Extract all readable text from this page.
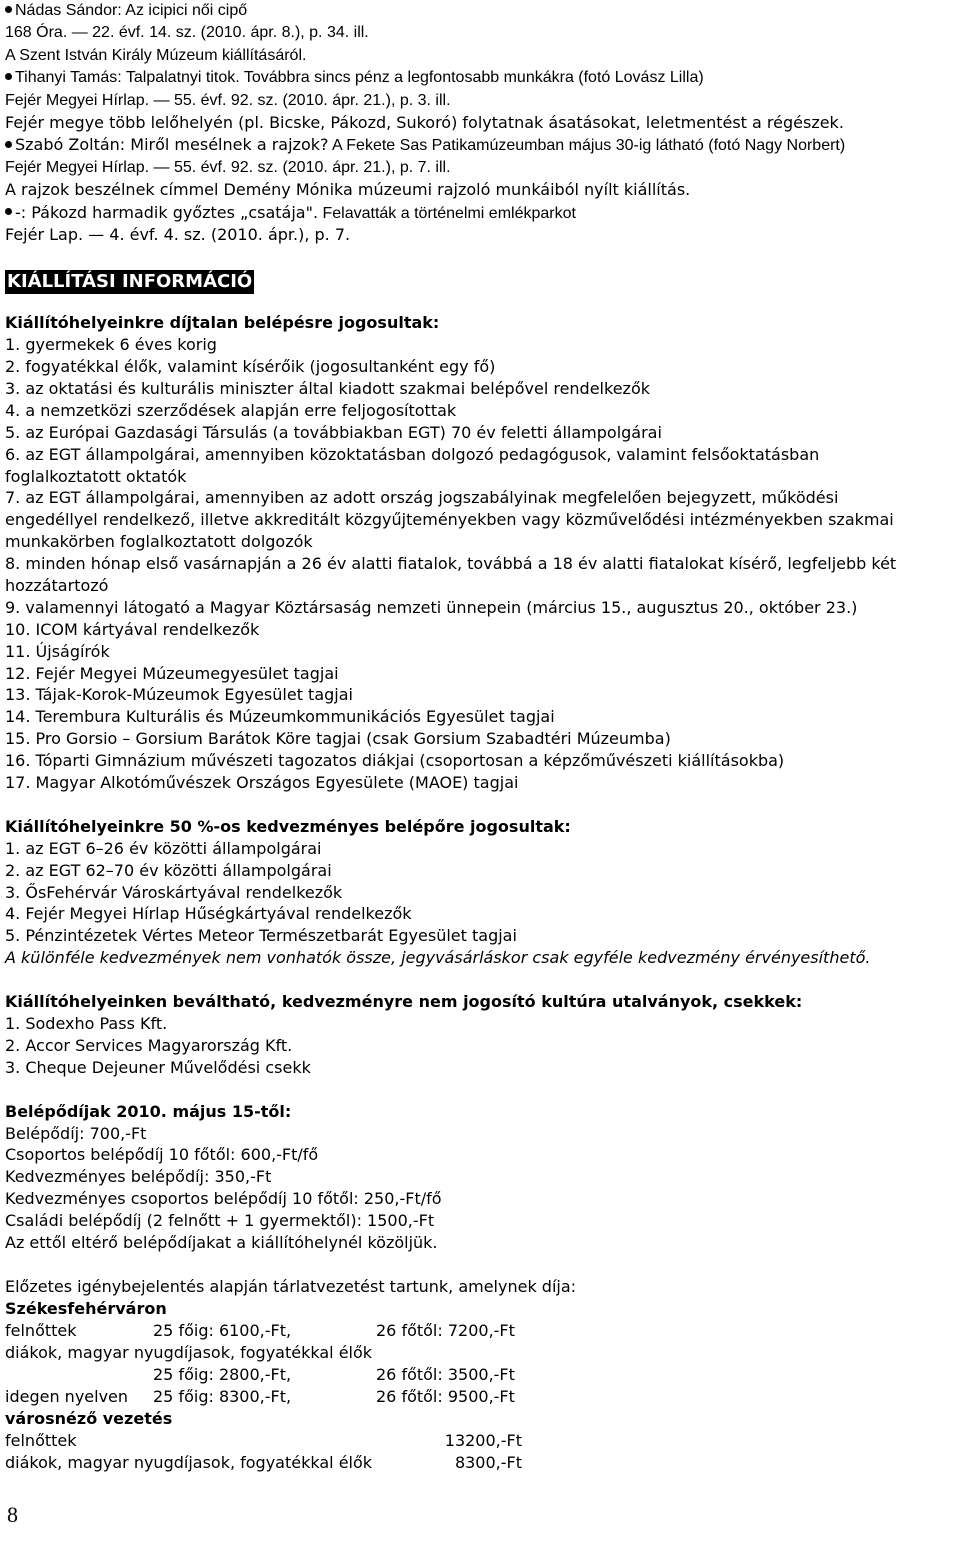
Nádas Sándor: Az icipici női cipő
168 Óra. — 22. évf. 14. sz. (2010. ápr. 8.), p. 34. ill.
A Szent István Király Múzeum kiállításáról.
Tihanyi Tamás: Talpalatnyi titok. Továbbra sincs pénz a legfontosabb munkákra (fotó Lovász Lilla)
Fejér Megyei Hírlap. — 55. évf. 92. sz. (2010. ápr. 21.), p. 3. ill.
Fejér megye több lelőhelyén (pl. Bicske, Pákozd, Sukoró) folytatnak ásatásokat, leletmentést a régészek.
Szabó Zoltán: Miről mesélnek a rajzok? A Fekete Sas Patikamúzeumban május 30-ig látható (fotó Nagy Norbert)
Fejér Megyei Hírlap. — 55. évf. 92. sz. (2010. ápr. 21.), p. 7. ill.
A rajzok beszélnek címmel Demény Mónika múzeumi rajzoló munkáiból nyílt kiállítás.
-: Pákozd harmadik győztes „csatája". Felavatták a történelmi emlékparkot
Fejér Lap. — 4. évf. 4. sz. (2010. ápr.), p. 7.
KIÁLLÍTÁSI INFORMÁCIÓ
Kiállítóhelyeinkre díjtalan belépésre jogosultak:
1. gyermekek 6 éves korig
2. fogyatékkal élők, valamint kísérőik (jogosultanként egy fő)
3. az oktatási és kulturális miniszter által kiadott szakmai belépővel rendelkezők
4. a nemzetközi szerződések alapján erre feljogosítottak
5. az Európai Gazdasági Társulás (a továbbiakban EGT) 70 év feletti állampolgárai
6. az EGT állampolgárai, amennyiben közoktatásban dolgozó pedagógusok, valamint felsőoktatásban
foglalkoztatott oktatók
7. az EGT állampolgárai, amennyiben az adott ország jogszabályinak megfelelően bejegyzett, működési
engedéllyel rendelkező, illetve akkreditált közgyűjteményekben vagy közművelődési intézményekben szakmai
munkakörben foglalkoztatott dolgozók
8. minden hónap első vasárnapján a 26 év alatti fiatalok, továbbá a 18 év alatti fiatalokat kísérő, legfeljebb két
hozzátartozó
9. valamennyi látogató a Magyar Köztársaság nemzeti ünnepein (március 15., augusztus 20., október 23.)
10. ICOM kártyával rendelkezők
11. Újságírók
12. Fejér Megyei Múzeumegyesület tagjai
13. Tájak-Korok-Múzeumok Egyesület tagjai
14. Terembura Kulturális és Múzeumkommunikációs Egyesület tagjai
15. Pro Gorsio – Gorsium Barátok Köre tagjai (csak Gorsium Szabadtéri Múzeumba)
16. Tóparti Gimnázium művészeti tagozatos diákjai (csoportosan a képzőművészeti kiállításokba)
17. Magyar Alkotóművészek Országos Egyesülete (MAOE) tagjai
Kiállítóhelyeinkre 50 %-os kedvezményes belépőre jogosultak:
1. az EGT 6–26 év közötti állampolgárai
2. az EGT 62–70 év közötti állampolgárai
3. ŐsFehérvár Városkártyával rendelkezők
4. Fejér Megyei Hírlap Hűségkártyával rendelkezők
5. Pénzintézetek Vértes Meteor Természetbarát Egyesület tagjai
A különféle kedvezmények nem vonhatók össze, jegyvásárláskor csak egyféle kedvezmény érvényesíthető.
Kiállítóhelyeinken beváltható, kedvezményre nem jogosító kultúra utalványok, csekkek:
1. Sodexho Pass Kft.
2. Accor Services Magyarország Kft.
3. Cheque Dejeuner Művelődési csekk
Belépődíjak 2010. május 15-től:
Belépődíj: 700,-Ft
Csoportos belépődíj 10 főtől: 600,-Ft/fő
Kedvezményes belépődíj: 350,-Ft
Kedvezményes csoportos belépődíj 10 főtől: 250,-Ft/fő
Családi belépődíj (2 felnőtt + 1 gyermektől): 1500,-Ft
Az ettől eltérő belépődíjakat a kiállítóhelynél közöljük.
Előzetes igénybejelentés alapján tárlatvezetést tartunk, amelynek díja:
Székesfehérváron
felnőttek	25 főig: 6100,-Ft,	26 főtől: 7200,-Ft
diákok, magyar nyugdíjasok, fogyatékkal élők		
	25 főig: 2800,-Ft,	26 főtől: 3500,-Ft
idegen nyelven	25 főig: 8300,-Ft,	26 főtől: 9500,-Ft
városnéző vezetés
felnőttek	13200,-Ft
diákok, magyar nyugdíjasok, fogyatékkal élők	8300,-Ft
8
